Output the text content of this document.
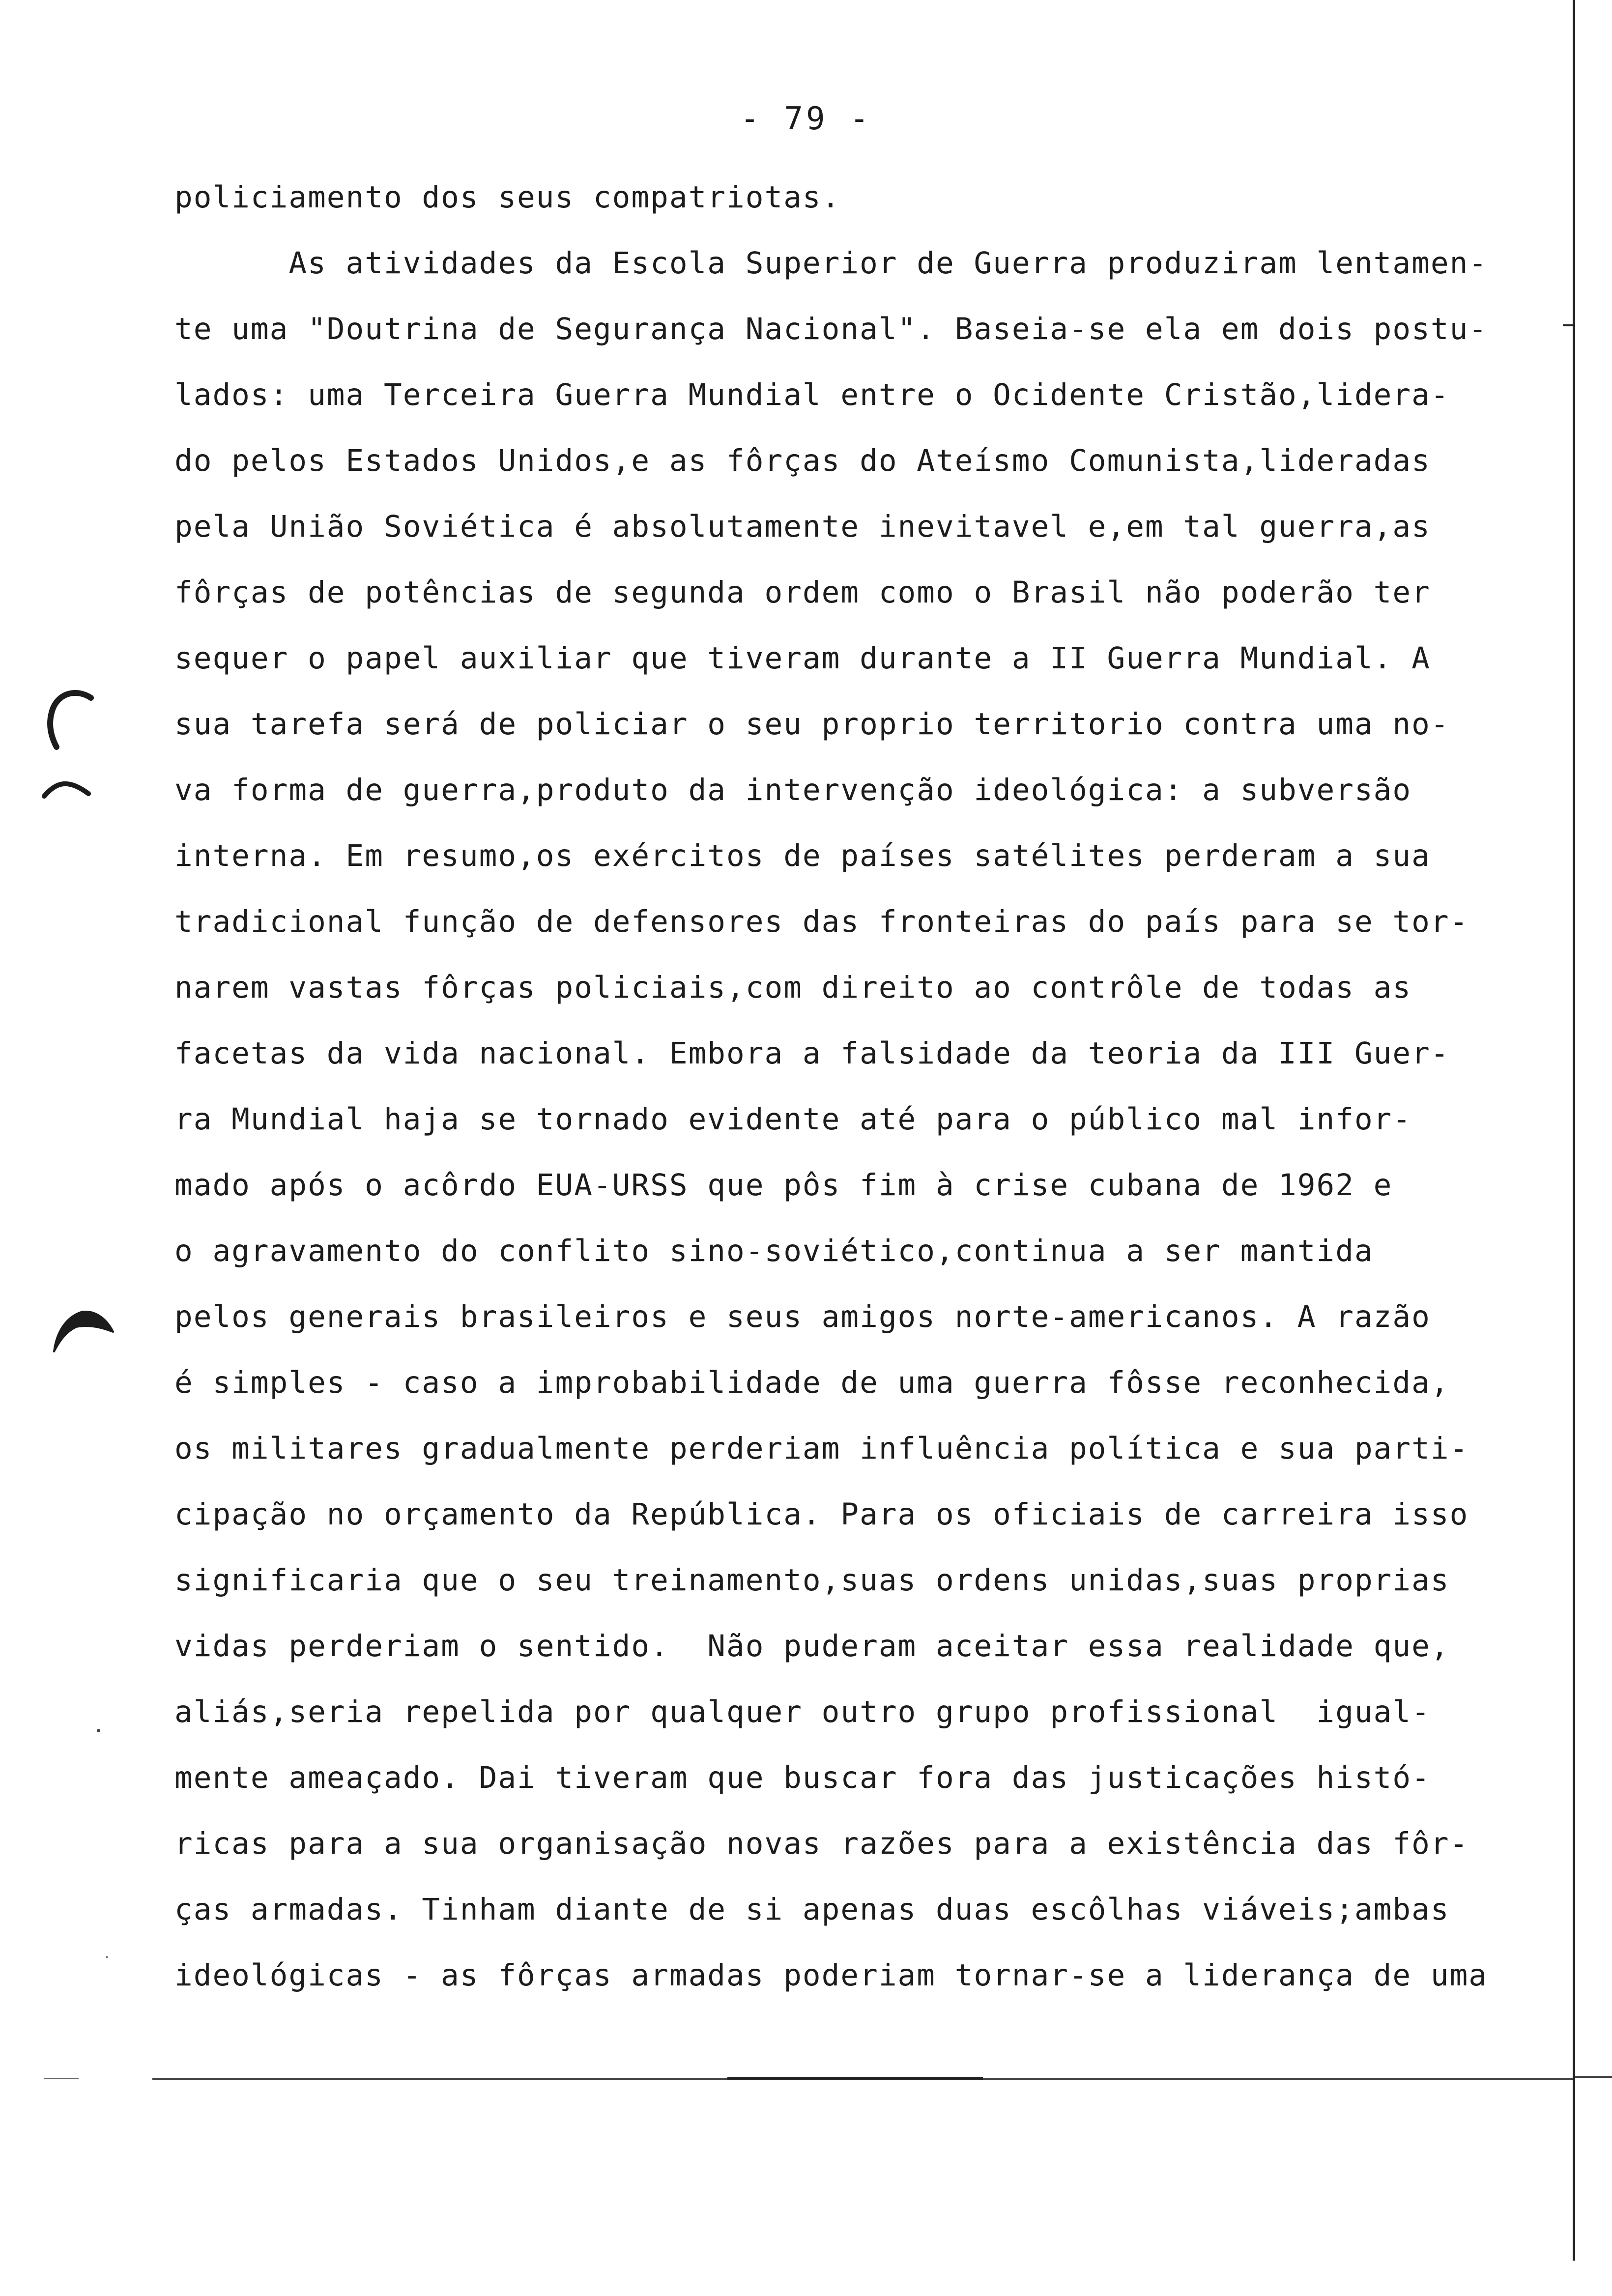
- 79 -
policiamento dos seus compatriotas.
As atividades da Escola Superior de Guerra produziram lentamen-
te uma "Doutrina de Segurança Nacional". Baseia-se ela em dois postu-
lados: uma Terceira Guerra Mundial entre o Ocidente Cristão,lidera-
do pelos Estados Unidos,e as fôrças do Ateísmo Comunista,lideradas
pela União Soviética é absolutamente inevitavel e,em tal guerra,as
fôrças de potências de segunda ordem como o Brasil não poderão ter
sequer o papel auxiliar que tiveram durante a II Guerra Mundial. A
sua tarefa será de policiar o seu proprio territorio contra uma no-
va forma de guerra,produto da intervenção ideológica: a subversão
interna. Em resumo,os exércitos de países satélites perderam a sua
tradicional função de defensores das fronteiras do país para se tor-
narem vastas fôrças policiais,com direito ao contrôle de todas as
facetas da vida nacional. Embora a falsidade da teoria da III Guer-
ra Mundial haja se tornado evidente até para o público mal infor-
mado após o acôrdo EUA-URSS que pôs fim à crise cubana de 1962 e
o agravamento do conflito sino-soviético,continua a ser mantida
pelos generais brasileiros e seus amigos norte-americanos. A razão
é simples - caso a improbabilidade de uma guerra fôsse reconhecida,
os militares gradualmente perderiam influência política e sua parti-
cipação no orçamento da República. Para os oficiais de carreira isso
significaria que o seu treinamento,suas ordens unidas,suas proprias
vidas perderiam o sentido.  Não puderam aceitar essa realidade que,
aliás,seria repelida por qualquer outro grupo profissional  igual-
mente ameaçado. Dai tiveram que buscar fora das justicações histó-
ricas para a sua organisação novas razões para a existência das fôr-
ças armadas. Tinham diante de si apenas duas escôlhas viáveis;ambas
ideológicas - as fôrças armadas poderiam tornar-se a liderança de uma
